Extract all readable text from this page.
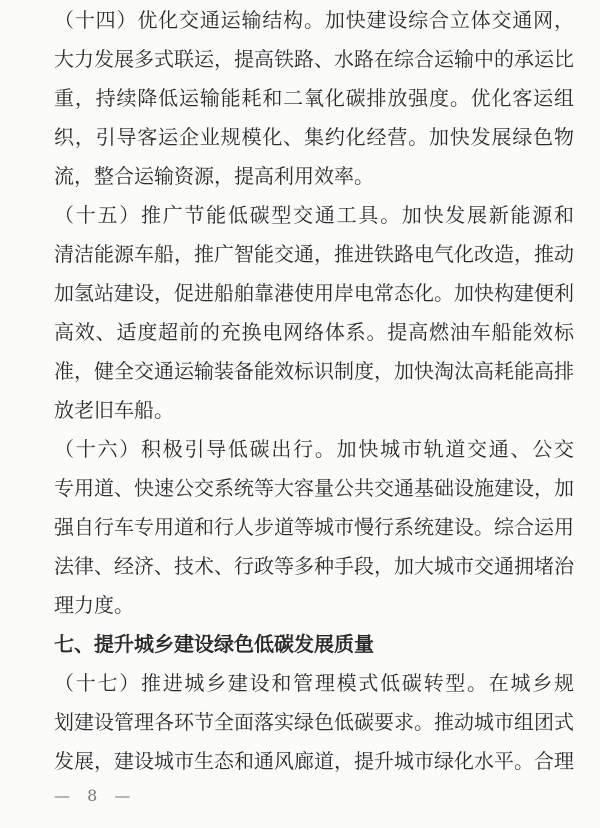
（十四）优化交通运输结构。加快建设综合立体交通网，
大力发展多式联运，提高铁路、水路在综合运输中的承运比
重，持续降低运输能耗和二氧化碳排放强度。优化客运组
织，引导客运企业规模化、集约化经营。加快发展绿色物
流，整合运输资源，提高利用效率。
（十五）推广节能低碳型交通工具。加快发展新能源和
清洁能源车船，推广智能交通，推进铁路电气化改造，推动
加氢站建设，促进船舶靠港使用岸电常态化。加快构建便利
高效、适度超前的充换电网络体系。提高燃油车船能效标
准，健全交通运输装备能效标识制度，加快淘汰高耗能高排
放老旧车船。
（十六）积极引导低碳出行。加快城市轨道交通、公交
专用道、快速公交系统等大容量公共交通基础设施建设，加
强自行车专用道和行人步道等城市慢行系统建设。综合运用
法律、经济、技术、行政等多种手段，加大城市交通拥堵治
理力度。
七、提升城乡建设绿色低碳发展质量
（十七）推进城乡建设和管理模式低碳转型。在城乡规
划建设管理各环节全面落实绿色低碳要求。推动城市组团式
发展，建设城市生态和通风廊道，提升城市绿化水平。合理
— 8 —
